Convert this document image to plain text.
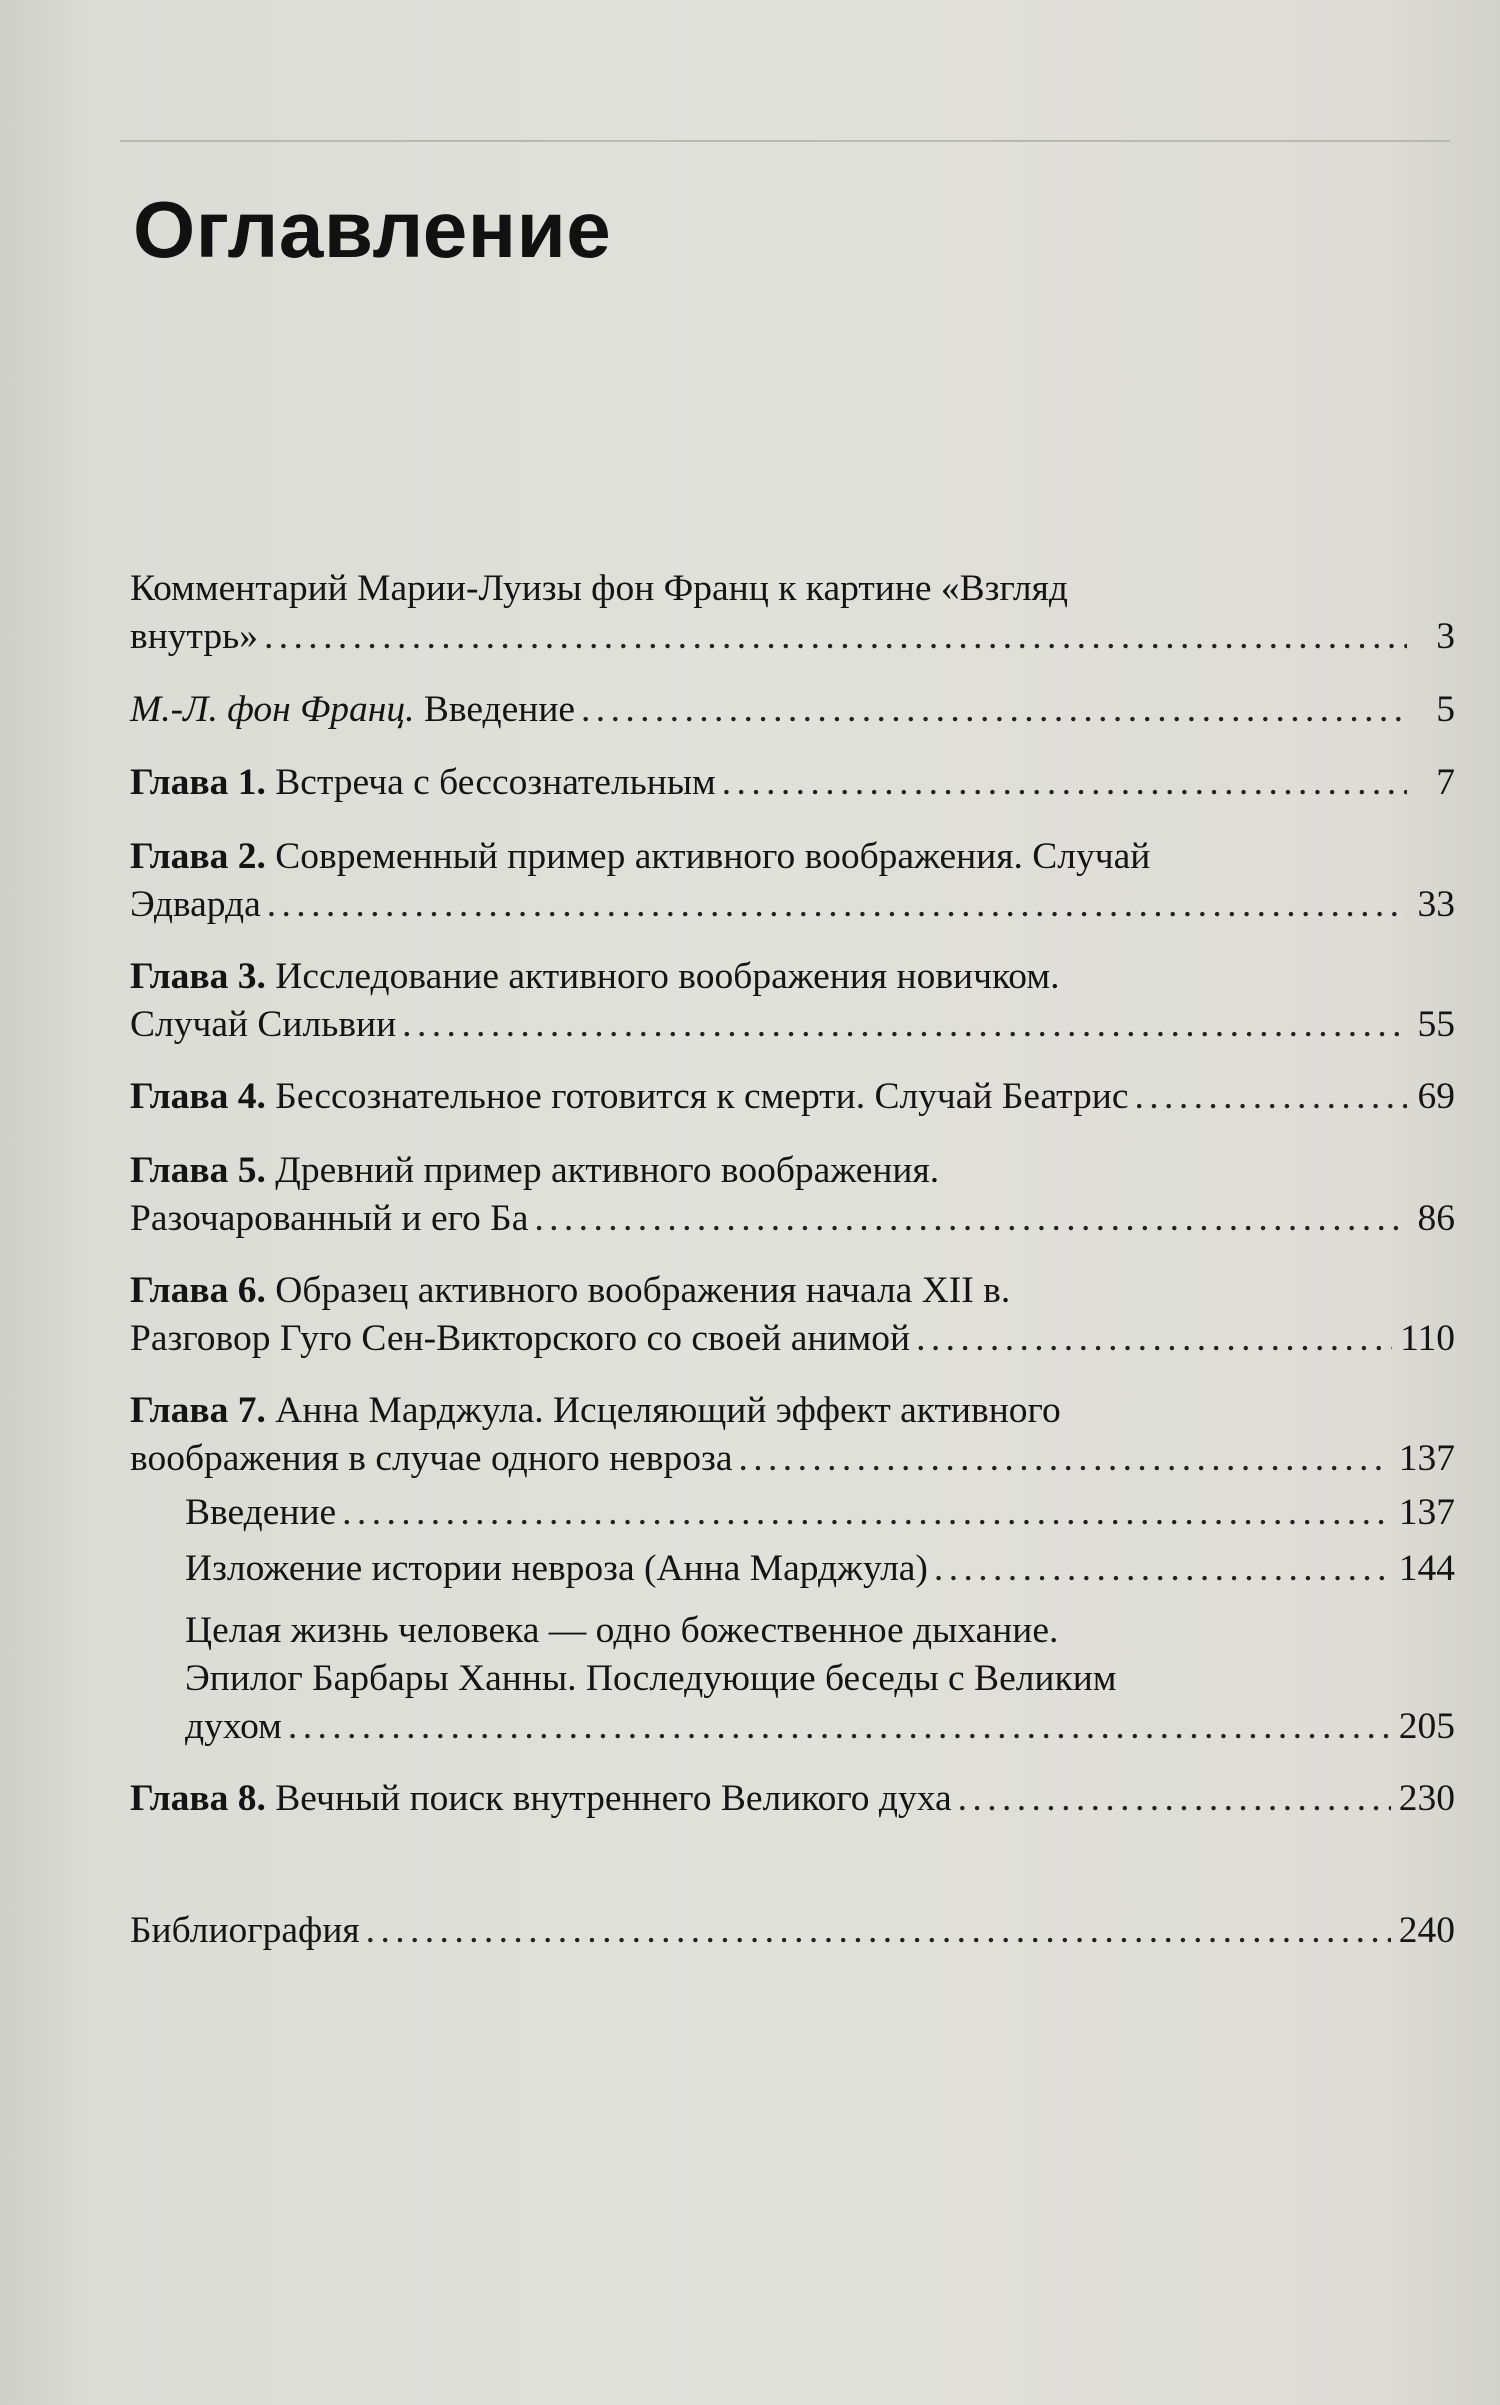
Оглавление
Комментарий Марии-Луизы фон Франц к картине «Взгляд
внутрь» .....	3
М.-Л. фон Франц. Введение .....	5
Глава 1. Встреча с бессознательным .....	7
Глава 2. Современный пример активного воображения. Случай
Эдварда .....	33
Глава 3. Исследование активного воображения новичком.
Случай Сильвии .....	55
Глава 4. Бессознательное готовится к смерти. Случай Беатрис .....	69
Глава 5. Древний пример активного воображения.
Разочарованный и его Ба .....	86
Глава 6. Образец активного воображения начала XII в.
Разговор Гуго Сен-Викторского со своей анимой .....	110
Глава 7. Анна Марджула. Исцеляющий эффект активного
воображения в случае одного невроза .....	137
Введение .....	137
Изложение истории невроза (Анна Марджула) .....	144
Целая жизнь человека — одно божественное дыхание.
Эпилог Барбары Ханны. Последующие беседы с Великим
духом .....	205
Глава 8. Вечный поиск внутреннего Великого духа .....	230
Библиография .....	240
